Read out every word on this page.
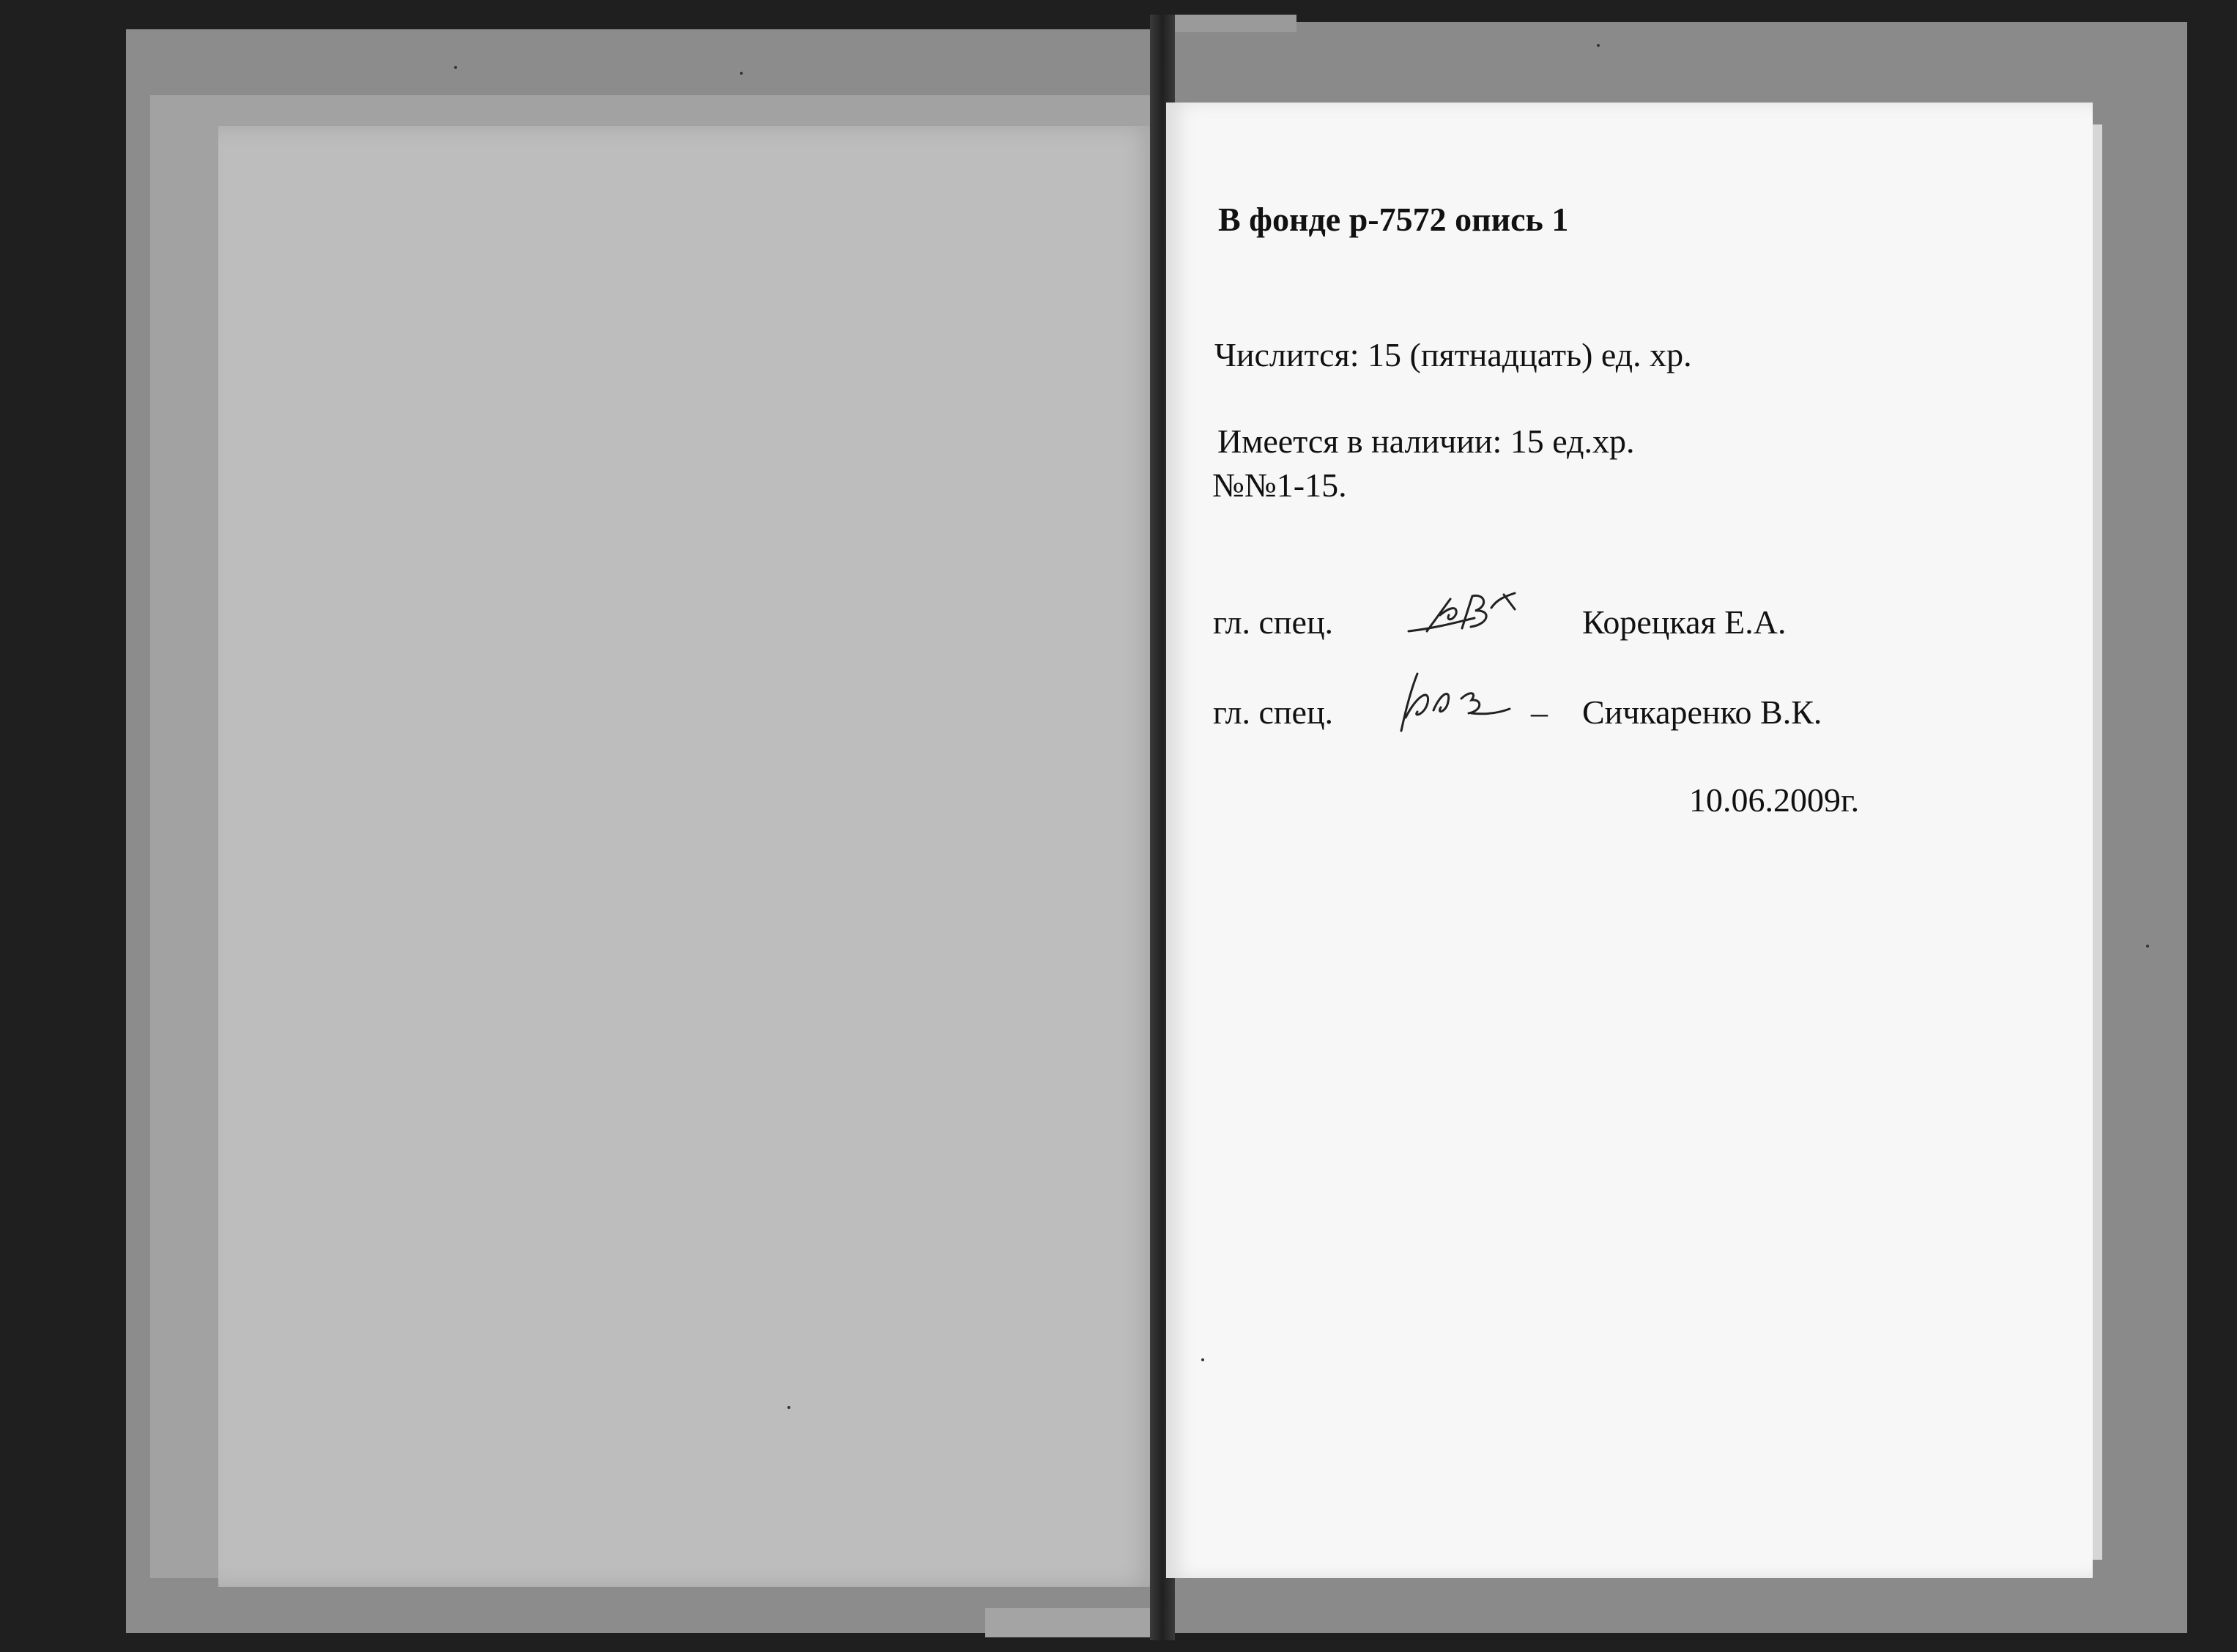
В фонде р-7572 опись 1
Числится: 15 (пятнадцать) ед. хр.
Имеется в наличии: 15 ед.хр.
№№1-15.
гл. спец.	Корецкая Е.А.
гл. спец.	– Сичкаренко В.К.
10.06.2009г.
